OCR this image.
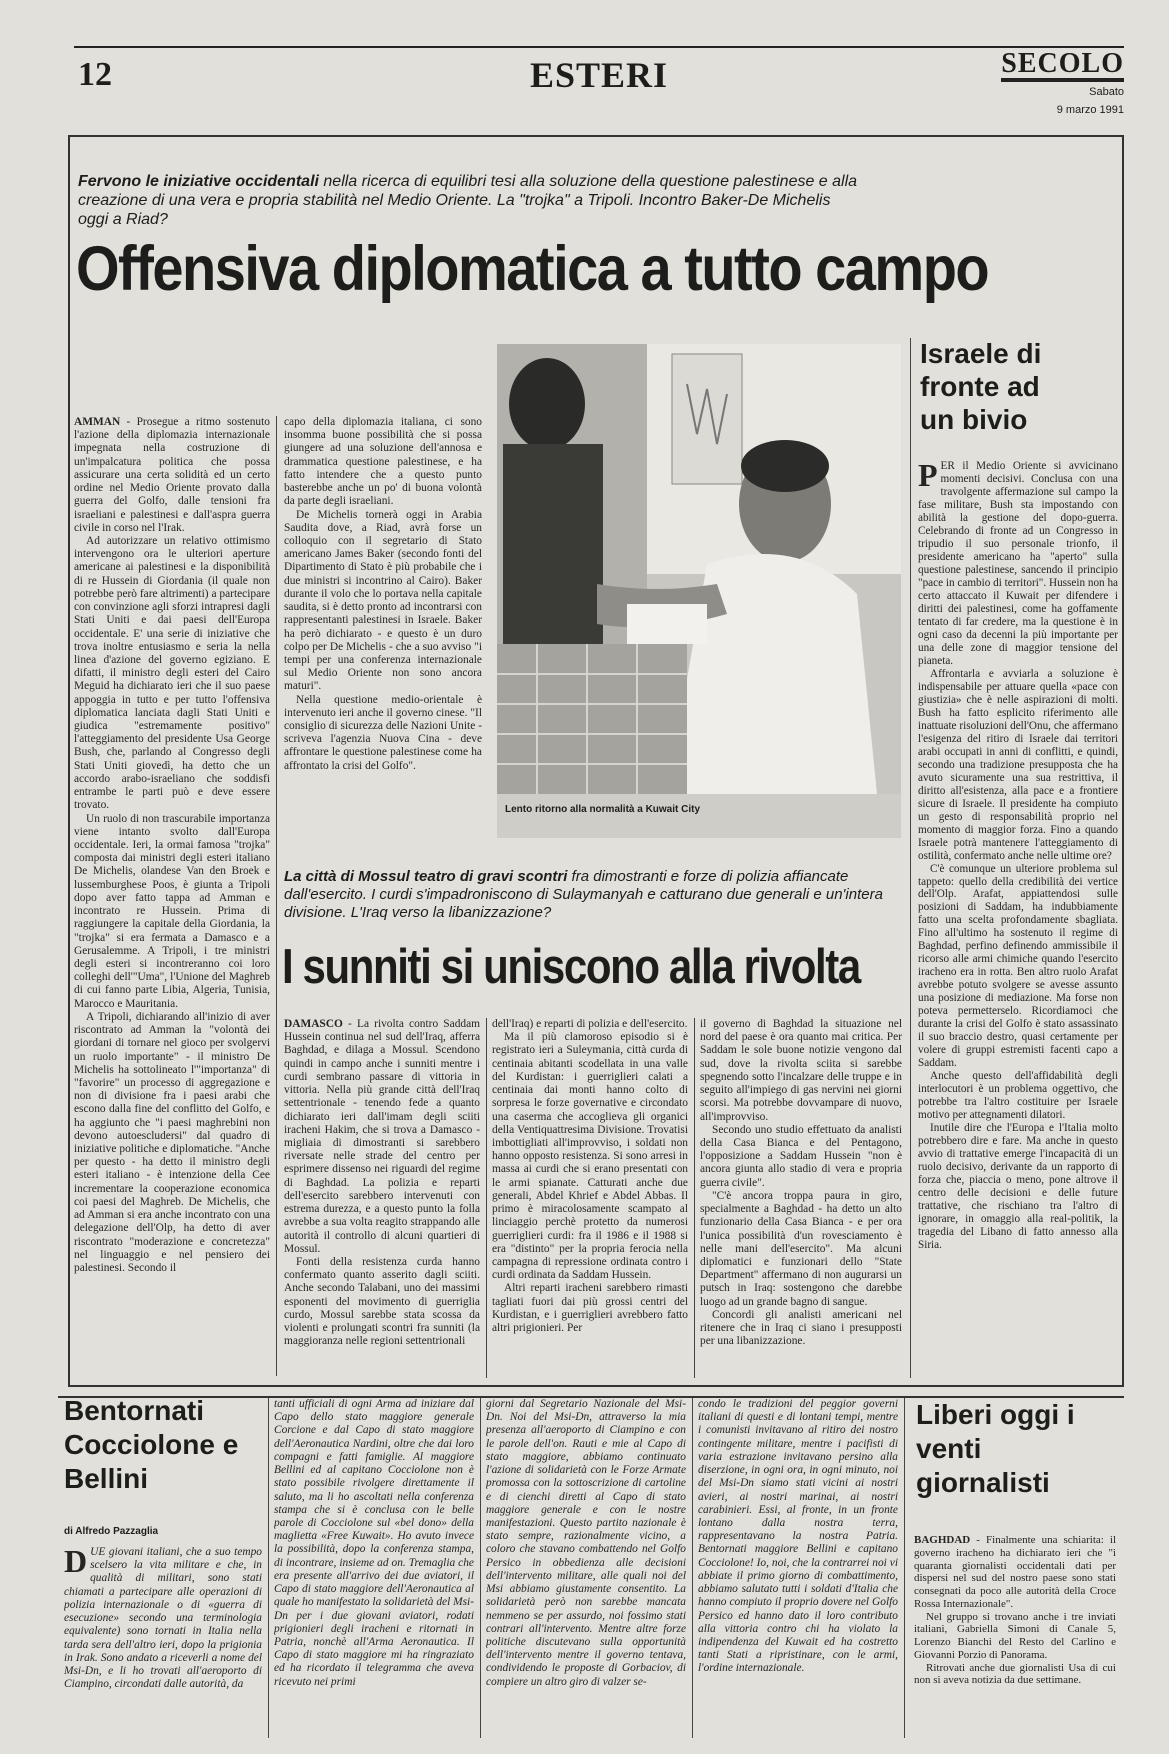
12	ESTERI	SECOLO
Sabato
9 marzo 1991
Fervono le iniziative occidentali nella ricerca di equilibri tesi alla soluzione della questione palestinese e alla creazione di una vera e propria stabilità nel Medio Oriente. La "trojka" a Tripoli. Incontro Baker-De Michelis oggi a Riad?
Offensiva diplomatica a tutto campo

AMMAN - Prosegue a ritmo sostenuto l'azione della diplomazia internazionale impegnata nella costruzione di un'impalcatura politica che possa assicurare una certa solidità ed un certo ordine nel Medio Oriente provato dalla guerra del Golfo, dalle tensioni fra israeliani e palestinesi e dall'aspra guerra civile in corso nel l'Irak.

Ad autorizzare un relativo ottimismo intervengono ora le ulteriori aperture americane ai palestinesi e la disponibilità di re Hussein di Giordania (il quale non potrebbe però fare altrimenti) a partecipare con convinzione agli sforzi intrapresi dagli Stati Uniti e dai paesi dell'Europa occidentale. E' una serie di iniziative che trova inoltre entusiasmo e seria la nella linea d'azione del governo egiziano. E difatti, il ministro degli esteri del Cairo Meguid ha dichiarato ieri che il suo paese appoggia in tutto e per tutto l'offensiva diplomatica lanciata dagli Stati Uniti e giudica "estremamente positivo" l'atteggiamento del presidente Usa George Bush, che, parlando al Congresso degli Stati Uniti giovedì, ha detto che un accordo arabo-israeliano che soddisfi entrambe le parti può e deve essere trovato.

Un ruolo di non trascurabile importanza viene intanto svolto dall'Europa occidentale. Ieri, la ormai famosa "trojka" composta dai ministri degli esteri italiano De Michelis, olandese Van den Broek e lussemburghese Poos, è giunta a Tripoli dopo aver fatto tappa ad Amman e incontrato re Hussein. Prima di raggiungere la capitale della Giordania, la "trojka" si era fermata a Damasco e a Gerusalemme. A Tripoli, i tre ministri degli esteri si incontreranno coi loro colleghi dell'"Uma", l'Unione del Maghreb di cui fanno parte Libia, Algeria, Tunisia, Marocco e Mauritania.

A Tripoli, dichiarando all'inizio di aver riscontrato ad Amman la "volontà dei giordani di tornare nel gioco per svolgervi un ruolo importante" - il ministro De Michelis ha sottolineato l'"importanza" di "favorire" un processo di aggregazione e non di divisione fra i paesi arabi che escono dalla fine del conflitto del Golfo, e ha aggiunto che "i paesi maghrebini non devono autoescludersi" dal quadro di iniziative politiche e diplomatiche. "Anche per questo - ha detto il ministro degli esteri italiano - è intenzione della Cee incrementare la cooperazione economica coi paesi del Maghreb. De Michelis, che ad Amman si era anche incontrato con una delegazione dell'Olp, ha detto di aver riscontrato "moderazione e concretezza" nel linguaggio e nel pensiero dei palestinesi. Secondo il

capo della diplomazia italiana, ci sono insomma buone possibilità che si possa giungere ad una soluzione dell'annosa e drammatica questione palestinese, e ha fatto intendere che a questo punto basterebbe anche un po' di buona volontà da parte degli israeliani.

De Michelis tornerà oggi in Arabia Saudita dove, a Riad, avrà forse un colloquio con il segretario di Stato americano James Baker (secondo fonti del Dipartimento di Stato è più probabile che i due ministri si incontrino al Cairo). Baker durante il volo che lo portava nella capitale saudita, si è detto pronto ad incontrarsi con rappresentanti palestinesi in Israele. Baker ha però dichiarato - e questo è un duro colpo per De Michelis - che a suo avviso "i tempi per una conferenza internazionale sul Medio Oriente non sono ancora maturi".

Nella questione medio-orientale è intervenuto ieri anche il governo cinese. "Il consiglio di sicurezza delle Nazioni Unite - scriveva l'agenzia Nuova Cina - deve affrontare le questione palestinese come ha affrontato la crisi del Golfo".

Lento ritorno alla normalità a Kuwait City
Israele di fronte ad un bivio

PER il Medio Oriente si avvicinano momenti decisivi. Conclusa con una travolgente affermazione sul campo la fase militare, Bush sta impostando con abilità la gestione del dopo-guerra. Celebrando di fronte ad un Congresso in tripudio il suo personale trionfo, il presidente americano ha "aperto" sulla questione palestinese, sancendo il principio "pace in cambio di territori". Hussein non ha certo attaccato il Kuwait per difendere i diritti dei palestinesi, come ha goffamente tentato di far credere, ma la questione è in ogni caso da decenni la più importante per una delle zone di maggior tensione del pianeta.

Affrontarla e avviarla a soluzione è indispensabile per attuare quella «pace con giustizia» che è nelle aspirazioni di molti. Bush ha fatto esplicito riferimento alle inattuate risoluzioni dell'Onu, che affermano l'esigenza del ritiro di Israele dai territori arabi occupati in anni di conflitti, e quindi, secondo una tradizione presupposta che ha avuto sicuramente una sua restrittiva, il diritto all'esistenza, alla pace e a frontiere sicure di Israele. Il presidente ha compiuto un gesto di responsabilità proprio nel momento di maggior forza. Fino a quando Israele potrà mantenere l'atteggiamento di ostilità, confermato anche nelle ultime ore?

C'è comunque un ulteriore problema sul tappeto: quello della credibilità dei vertice dell'Olp. Arafat, appiattendosi sulle posizioni di Saddam, ha indubbiamente fatto una scelta profondamente sbagliata. Fino all'ultimo ha sostenuto il regime di Baghdad, perfino definendo ammissibile il ricorso alle armi chimiche quando l'esercito iracheno era in rotta. Ben altro ruolo Arafat avrebbe potuto svolgere se avesse assunto una posizione di mediazione. Ma forse non poteva permetterselo. Ricordiamoci che durante la crisi del Golfo è stato assassinato il suo braccio destro, quasi certamente per volere di gruppi estremisti facenti capo a Saddam.

Anche questo dell'affidabilità degli interlocutori è un problema oggettivo, che potrebbe tra l'altro costituire per Israele motivo per attegnamenti dilatori.

Inutile dire che l'Europa e l'Italia molto potrebbero dire e fare. Ma anche in questo avvio di trattative emerge l'incapacità di un ruolo decisivo, derivante da un rapporto di forza che, piaccia o meno, pone altrove il centro delle decisioni e delle future trattative, che rischiano tra l'altro di ignorare, in omaggio alla real-politik, la tragedia del Libano di fatto annesso alla Siria.

La città di Mossul teatro di gravi scontri fra dimostranti e forze di polizia affiancate dall'esercito. I curdi s'impadroniscono di Sulaymanyah e catturano due generali e un'intera divisione. L'Iraq verso la libanizzazione?
I sunniti si uniscono alla rivolta

DAMASCO - La rivolta contro Saddam Hussein continua nel sud dell'Iraq, afferra Baghdad, e dilaga a Mossul. Scendono quindi in campo anche i sunniti mentre i curdi sembrano passare di vittoria in vittoria. Nella più grande città dell'Iraq settentrionale - tenendo fede a quanto dichiarato ieri dall'imam degli sciiti iracheni Hakim, che si trova a Damasco - migliaia di dimostranti si sarebbero riversate nelle strade del centro per esprimere dissenso nei riguardi del regime di Baghdad. La polizia e reparti dell'esercito sarebbero intervenuti con estrema durezza, e a questo punto la folla avrebbe a sua volta reagito strappando alle autorità il controllo di alcuni quartieri di Mossul.

Fonti della resistenza curda hanno confermato quanto asserito dagli sciiti. Anche secondo Talabani, uno dei massimi esponenti del movimento di guerriglia curdo, Mossul sarebbe stata scossa da violenti e prolungati scontri fra sunniti (la maggioranza nelle regioni settentrionali

dell'Iraq) e reparti di polizia e dell'esercito.

Ma il più clamoroso episodio si è registrato ieri a Suleymania, città curda di centinaia abitanti scodellata in una valle del Kurdistan: i guerriglieri calati a centinaia dai monti hanno colto di sorpresa le forze governative e circondato una caserma che accoglieva gli organici della Ventiquattresima Divisione. Trovatisi imbottigliati all'improvviso, i soldati non hanno opposto resistenza. Si sono arresi in massa ai curdi che si erano presentati con le armi spianate. Catturati anche due generali, Abdel Khrief e Abdel Abbas. Il primo è miracolosamente scampato al linciaggio perchè protetto da numerosi guerriglieri curdi: fra il 1986 e il 1988 si era "distinto" per la propria ferocia nella campagna di repressione ordinata contro i curdi ordinata da Saddam Hussein.

Altri reparti iracheni sarebbero rimasti tagliati fuori dai più grossi centri del Kurdistan, e i guerriglieri avrebbero fatto altri prigionieri. Per

il governo di Baghdad la situazione nel nord del paese è ora quanto mai critica. Per Saddam le sole buone notizie vengono dal sud, dove la rivolta sciita si sarebbe spegnendo sotto l'incalzare delle truppe e in seguito all'impiego di gas nervini nei giorni scorsi. Ma potrebbe dovvampare di nuovo, all'improvviso.

Secondo uno studio effettuato da analisti della Casa Bianca e del Pentagono, l'opposizione a Saddam Hussein "non è ancora giunta allo stadio di vera e propria guerra civile".

"C'è ancora troppa paura in giro, specialmente a Baghdad - ha detto un alto funzionario della Casa Bianca - e per ora l'unica possibilità d'un rovesciamento è nelle mani dell'esercito". Ma alcuni diplomatici e funzionari dello "State Department" affermano di non augurarsi un putsch in Iraq: sostengono che darebbe luogo ad un grande bagno di sangue.

Concordi gli analisti americani nel ritenere che in Iraq ci siano i presupposti per una libanizzazione.

Bentornati Cocciolone e Bellini
di Alfredo Pazzaglia

DUE giovani italiani, che a suo tempo scelsero la vita militare e che, in qualità di militari, sono stati chiamati a partecipare alle operazioni di polizia internazionale o di «guerra di esecuzione» secondo una terminologia equivalente) sono tornati in Italia nella tarda sera dell'altro ieri, dopo la prigionia in Irak. Sono andato a riceverli a nome del Msi-Dn, e li ho trovati all'aeroporto di Ciampino, circondati dalle autorità, da

tanti ufficiali di ogni Arma ad iniziare dal Capo dello stato maggiore generale Corcione e dal Capo di stato maggiore dell'Aeronautica Nardini, oltre che dai loro compagni e fatti famiglie. Al maggiore Bellini ed al capitano Cocciolone non è stato possibile rivolgere direttamente il saluto, ma li ho ascoltati nella conferenza stampa che si è conclusa con le belle parole di Cocciolone sul «bel dono» della maglietta «Free Kuwait». Ho avuto invece la possibilità, dopo la conferenza stampa, di incontrare, insieme ad on. Tremaglia che era presente all'arrivo dei due aviatori, il Capo di stato maggiore dell'Aeronautica al quale ho manifestato la solidarietà del Msi-Dn per i due giovani aviatori, rodati prigionieri degli iracheni e ritornati in Patria, nonchè all'Arma Aeronautica. Il Capo di stato maggiore mi ha ringraziato ed ha ricordato il telegramma che aveva ricevuto nei primi

giorni dal Segretario Nazionale del Msi-Dn. Noi del Msi-Dn, attraverso la mia presenza all'aeroporto di Ciampino e con le parole dell'on. Rauti e mie al Capo di stato maggiore, abbiamo continuato l'azione di solidarietà con le Forze Armate promossa con la sottoscrizione di cartoline e di cienchi diretti al Capo di stato maggiore generale e con le nostre manifestazioni. Questo partito nazionale è stato sempre, razionalmente vicino, a coloro che stavano combattendo nel Golfo Persico in obbedienza alle decisioni dell'intervento militare, alle quali noi del Msi abbiamo giustamente consentito. La solidarietà però non sarebbe mancata nemmeno se per assurdo, noi fossimo stati contrari all'intervento. Mentre altre forze politiche discutevano sulla opportunità dell'intervento mentre il governo tentava, condividendo le proposte di Gorbaciov, di compiere un altro giro di valzer se-

condo le tradizioni del peggior governi italiani di questi e di lontani tempi, mentre i comunisti invitavano al ritiro dei nostro contingente militare, mentre i pacifisti di varia estrazione invitavano persino alla diserzione, in ogni ora, in ogni minuto, noi del Msi-Dn siamo stati vicini ai nostri avieri, ai nostri marinai, ai nostri carabinieri. Essi, al fronte, in un fronte lontano dalla nostra terra, rappresentavano la nostra Patria. Bentornati maggiore Bellini e capitano Cocciolone! Io, noi, che la contrarrei noi vi abbiate il primo giorno di combattimento, abbiamo salutato tutti i soldati d'Italia che hanno compiuto il proprio dovere nel Golfo Persico ed hanno dato il loro contributo alla vittoria contro chi ha violato la indipendenza del Kuwait ed ha costretto tanti Stati a ripristinare, con le armi, l'ordine internazionale.

Liberi oggi i venti giornalisti

BAGHDAD - Finalmente una schiarita: il governo iracheno ha dichiarato ieri che "i quaranta giornalisti occidentali dati per dispersi nel sud del nostro paese sono stati consegnati da poco alle autorità della Croce Rossa Internazionale".

Nel gruppo si trovano anche i tre inviati italiani, Gabriella Simoni di Canale 5, Lorenzo Bianchi del Resto del Carlino e Giovanni Porzio di Panorama.

Ritrovati anche due giornalisti Usa di cui non si aveva notizia da due settimane.
